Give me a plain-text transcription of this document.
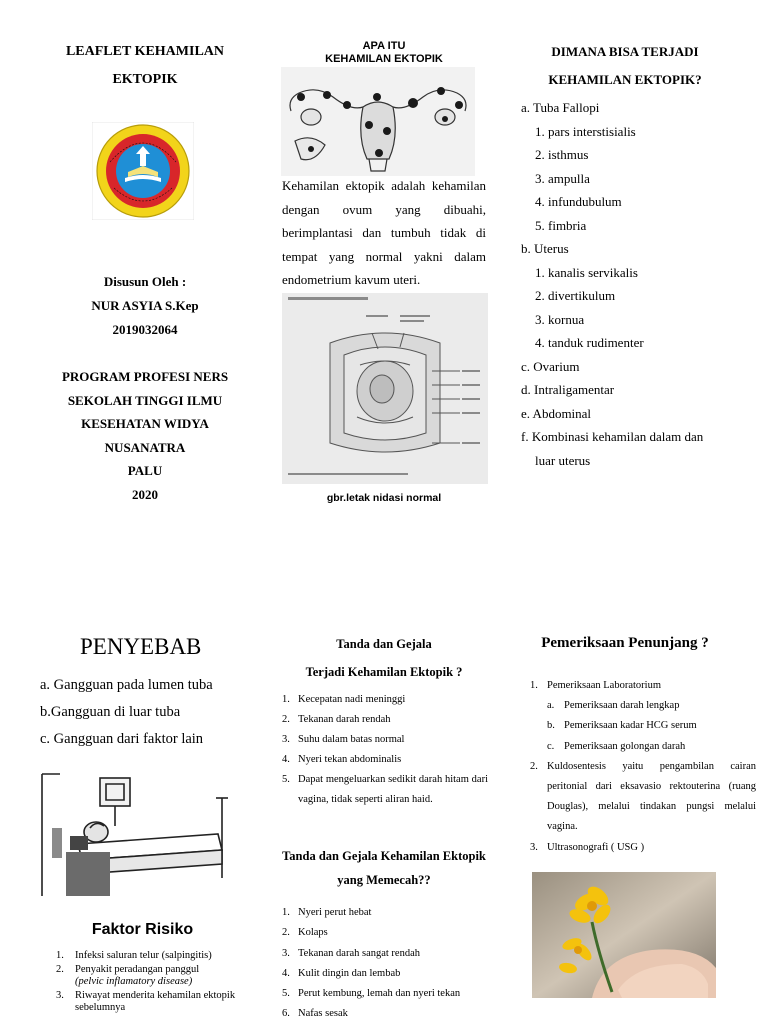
LEAFLET KEHAMILAN
EKTOPIK
Disusun Oleh :
NUR ASYIA S.Kep
2019032064
PROGRAM PROFESI NERS
SEKOLAH TINGGI ILMU
KESEHATAN WIDYA
NUSANATRA
PALU
2020
APA ITU
KEHAMILAN EKTOPIK
Kehamilan ektopik adalah kehamilan dengan ovum yang dibuahi, berimplantasi dan tumbuh tidak di tempat yang normal yakni dalam endometrium kavum uteri.
gbr.letak nidasi normal
DIMANA BISA TERJADI
KEHAMILAN EKTOPIK?
a. Tuba Fallopi
1. pars interstisialis
2. isthmus
3. ampulla
4. infundubulum
5. fimbria
b. Uterus
1. kanalis servikalis
2. divertikulum
3. kornua
4. tanduk rudimenter
c. Ovarium
d. Intraligamentar
e. Abdominal
f. Kombinasi kehamilan dalam dan
luar uterus
PENYEBAB
a. Gangguan pada lumen tuba
b.Gangguan di luar tuba
c. Gangguan dari faktor lain
Faktor Risiko
1.	Infeksi saluran telur (salpingitis)
2.	Penyakit peradangan panggul
(pelvic inflamatory disease)
3.	Riwayat menderita kehamilan ektopik sebelumnya
Tanda dan Gejala
Terjadi Kehamilan Ektopik ?
1. Kecepatan nadi meninggi
2. Tekanan darah rendah
3. Suhu dalam batas normal
4. Nyeri tekan abdominalis
5. Dapat mengeluarkan sedikit darah hitam dari vagina, tidak seperti aliran haid.
Tanda dan Gejala Kehamilan Ektopik yang Memecah??
1. Nyeri perut hebat
2. Kolaps
3. Tekanan darah sangat rendah
4. Kulit dingin dan lembab
5. Perut kembung, lemah dan nyeri tekan
6. Nafas sesak
Pemeriksaan Penunjang ?
1. Pemeriksaan Laboratorium
a. Pemeriksaan darah lengkap
b. Pemeriksaan kadar HCG serum
c. Pemeriksaan golongan darah
2. Kuldosentesis yaitu pengambilan cairan peritonial dari eksavasio rektouterina (ruang Douglas), melalui tindakan pungsi melalui vagina.
3. Ultrasonografi ( USG )
